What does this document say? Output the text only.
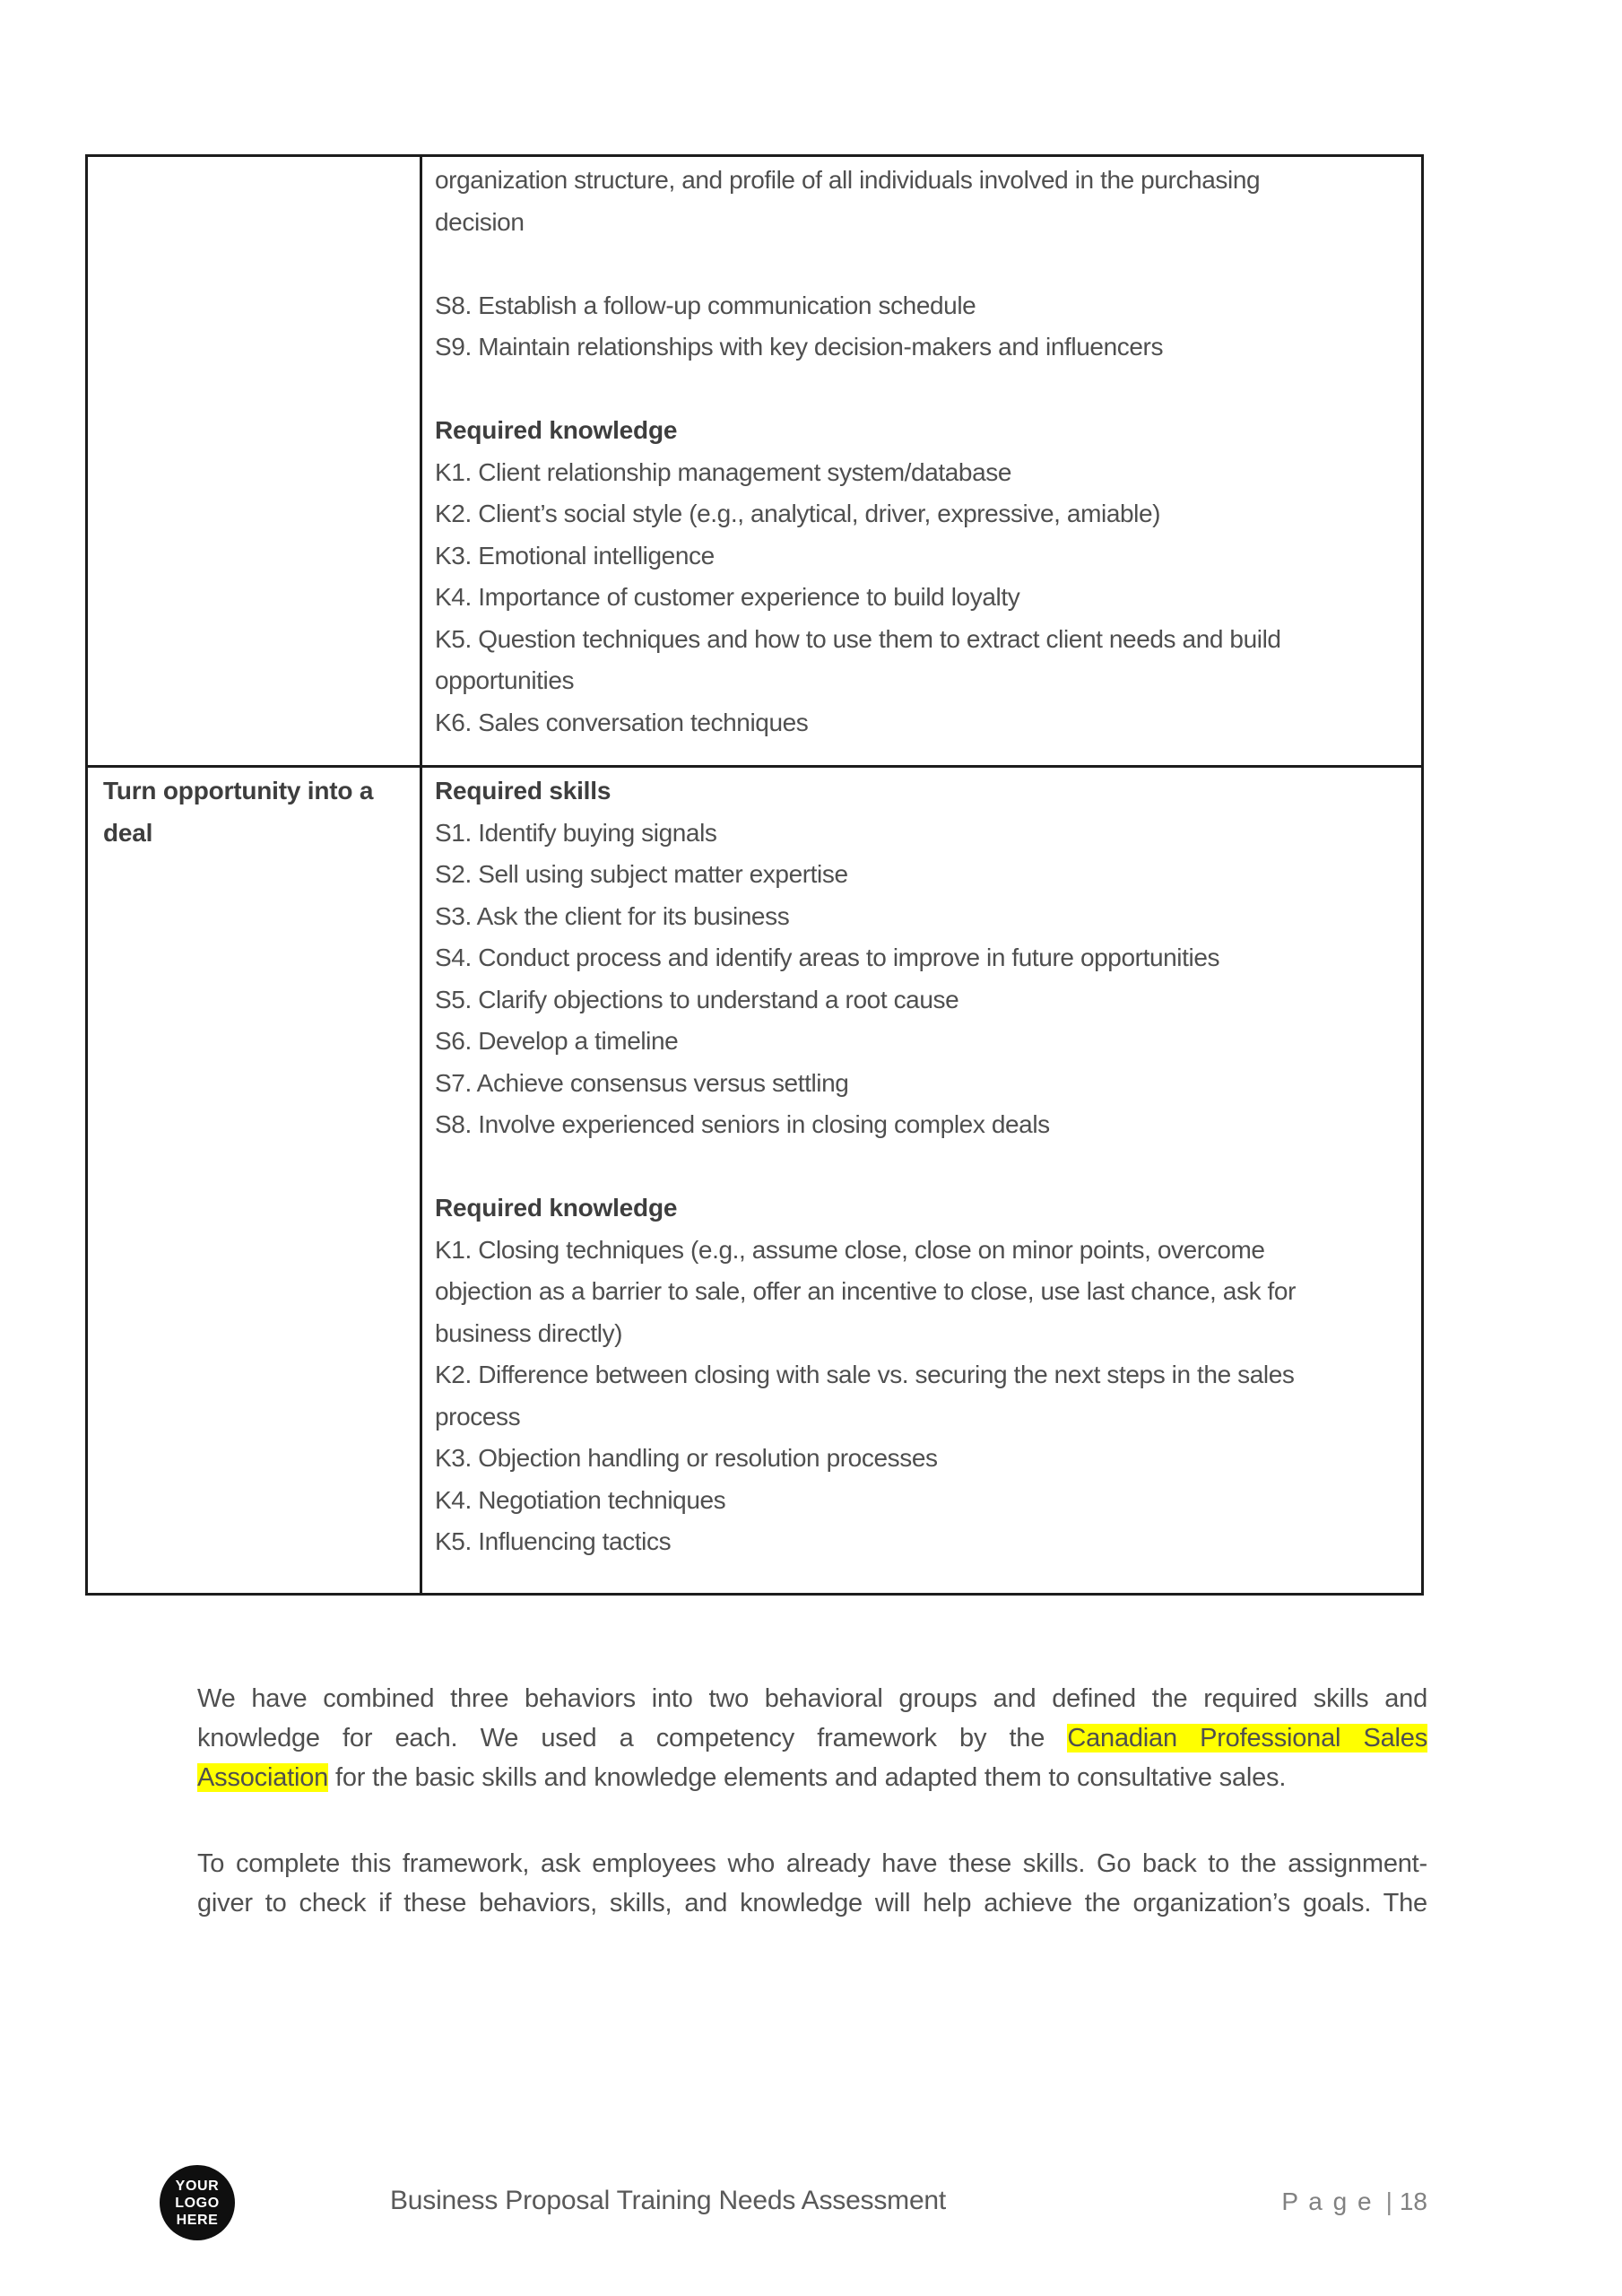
organization structure, and profile of all individuals involved in the purchasing
decision
S8. Establish a follow-up communication schedule
S9. Maintain relationships with key decision-makers and influencers
Required knowledge
K1. Client relationship management system/database
K2. Client’s social style (e.g., analytical, driver, expressive, amiable)
K3. Emotional intelligence
K4. Importance of customer experience to build loyalty
K5. Question techniques and how to use them to extract client needs and build
opportunities
K6. Sales conversation techniques
Turn opportunity into a
deal
Required skills
S1. Identify buying signals
S2. Sell using subject matter expertise
S3. Ask the client for its business
S4. Conduct process and identify areas to improve in future opportunities
S5. Clarify objections to understand a root cause
S6. Develop a timeline
S7. Achieve consensus versus settling
S8. Involve experienced seniors in closing complex deals
Required knowledge
K1. Closing techniques (e.g., assume close, close on minor points, overcome
objection as a barrier to sale, offer an incentive to close, use last chance, ask for
business directly)
K2. Difference between closing with sale vs. securing the next steps in the sales
process
K3. Objection handling or resolution processes
K4. Negotiation techniques
K5. Influencing tactics
We have combined three behaviors into two behavioral groups and defined the required skills and
knowledge for each. We used a competency framework by the Canadian Professional Sales
Association for the basic skills and knowledge elements and adapted them to consultative sales.
To complete this framework, ask employees who already have these skills. Go back to the assignment-
giver to check if these behaviors, skills, and knowledge will help achieve the organization’s goals. The
YOUR
LOGO
HERE
Business Proposal Training Needs Assessment	P a g e | 18
